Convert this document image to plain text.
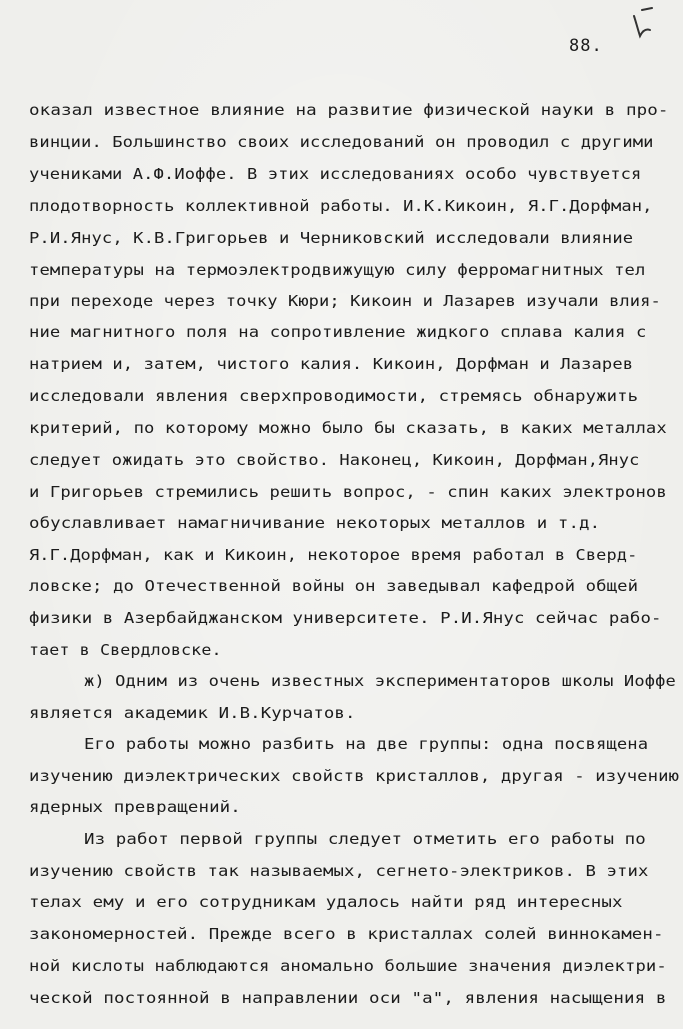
88.
оказал известное влияние на развитие физической науки в про-
винции. Большинство своих исследований он проводил с другими
учениками А.Ф.Иоффе. В этих исследованиях особо чувствуется
плодотворность коллективной работы. И.К.Кикоин, Я.Г.Дорфман,
Р.И.Янус, К.В.Григорьев и Черниковский исследовали влияние
температуры на термоэлектродвижущую силу ферромагнитных тел
при переходе через точку Кюри; Кикоин и Лазарев изучали влия-
ние магнитного поля на сопротивление жидкого сплава калия с
натрием и, затем, чистого калия. Кикоин, Дорфман и Лазарев
исследовали явления сверхпроводимости, стремясь обнаружить
критерий, по которому можно было бы сказать, в каких металлах
следует ожидать это свойство. Наконец, Кикоин, Дорфман,Янус
и Григорьев стремились решить вопрос, - спин каких электронов
обуславливает намагничивание некоторых металлов и т.д.
Я.Г.Дорфман, как и Кикоин, некоторое время работал в Сверд-
ловске; до Отечественной войны он заведывал кафедрой общей
физики в Азербайджанском университете. Р.И.Янус сейчас рабо-
тает в Свердловске.
ж) Одним из очень известных экспериментаторов школы Иоффе
является академик И.В.Курчатов.
Его работы можно разбить на две группы: одна посвящена
изучению диэлектрических свойств кристаллов, другая - изучению
ядерных превращений.
Из работ первой группы следует отметить его работы по
изучению свойств так называемых, сегнето-электриков. В этих
телах ему и его сотрудникам удалось найти ряд интересных
закономерностей. Прежде всего в кристаллах солей виннокамен-
ной кислоты наблюдаются аномально большие значения диэлектри-
ческой постоянной в направлении оси "а", явления насыщения в
